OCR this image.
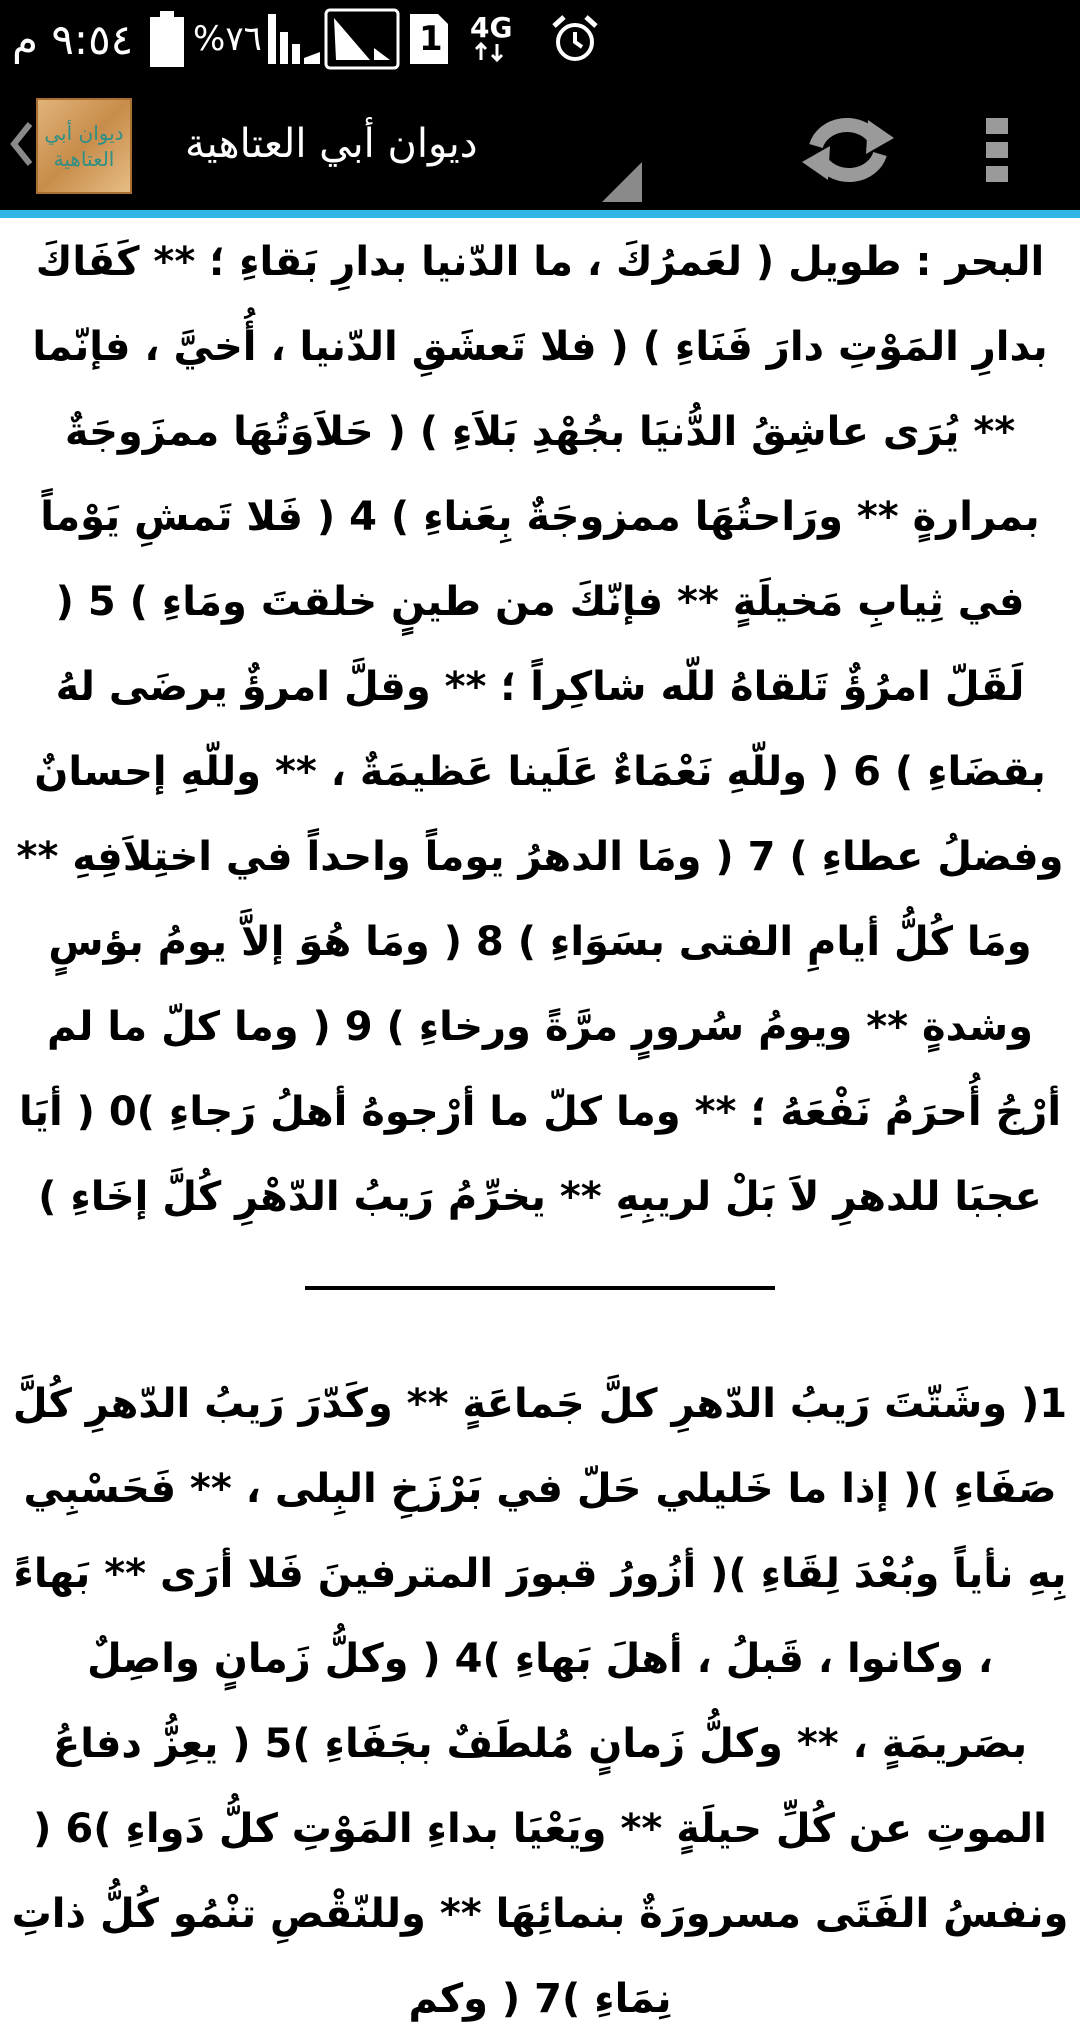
٩:٥٤ م %٧٦	1 4G
ديوان أبي العتاهية ديوان أبي العتاهية

البحر : طويل ( لعَمرُكَ ، ما الدّنيا بدارِ بَقاءِ ؛ ** كَفَاكَ بدارِ المَوْتِ دارَ فَنَاءِ ) ( فلا تَعشَقِ الدّنيا ، أُخيَّ ، فإنّما ** يُرَى عاشِقُ الدُّنيَا بجُهْدِ بَلاَءِ ) ( حَلاَوَتُهَا ممزَوجَةٌ بمرارةٍ ** ورَاحتُهَا ممزوجَةٌ بِعَناءِ ) 4 ( فَلا تَمشِ يَوْماً في ثِيابِ مَخيلَةٍ ** فإنّكَ من طينٍ خلقتَ ومَاءِ ) 5 ( لَقَلّ امرُؤٌ تَلقاهُ للّه شاكِراً ؛ ** وقلَّ امرؤٌ يرضَى لهُ بقضَاءِ ) 6 ( وللّهِ نَعْمَاءٌ عَلَينا عَظيمَةٌ ، ** وللّهِ إحسانٌ وفضلُ عطاءِ ) 7 ( ومَا الدهرُ يوماً واحداً في اختِلاَفِهِ ** ومَا كُلُّ أيامِ الفتى بسَوَاءِ ) 8 ( ومَا هُوَ إلاَّ يومُ بؤسٍ وشدةٍ ** ويومُ سُرورٍ مرَّةً ورخاءِ ) 9 ( وما كلّ ما لم أرْجُ أُحرَمُ نَفْعَهُ ؛ ** وما كلّ ما أرْجوهُ أهلُ رَجاءِ )0 ( أيَا عجبَا للدهرِ لاَ بَلْ لريبِهِ ** يخرِّمُ رَيبُ الدّهْرِ كُلَّ إخَاءِ )

1( وشَتّتَ رَيبُ الدّهرِ كلَّ جَماعَةٍ ** وكَدّرَ رَيبُ الدّهرِ كُلَّ صَفَاءِ )( إذا ما خَليلي حَلّ في بَرْزَخِ البِلى ، ** فَحَسْبِي بِهِ نأياً وبُعْدَ لِقَاءِ )( أزُورُ قبورَ المترفينَ فَلا أرَى ** بَهاءً ، وكانوا ، قَبلُ ، أهلَ بَهاءِ )4 ( وكلُّ زَمانٍ واصِلٌ بصَريمَةٍ ، ** وكلُّ زَمانٍ مُلطَفٌ بجَفَاءِ )5 ( يعِزُّ دفاعُ الموتِ عن كُلِّ حيلَةٍ ** ويَعْيَا بداءِ المَوْتِ كلُّ دَواءِ )6 ( ونفسُ الفَتَى مسرورَةٌ بنمائِهَا ** وللنّقْصِ تنْمُو كُلُّ ذاتِ نِمَاءِ )7 ( وكم
